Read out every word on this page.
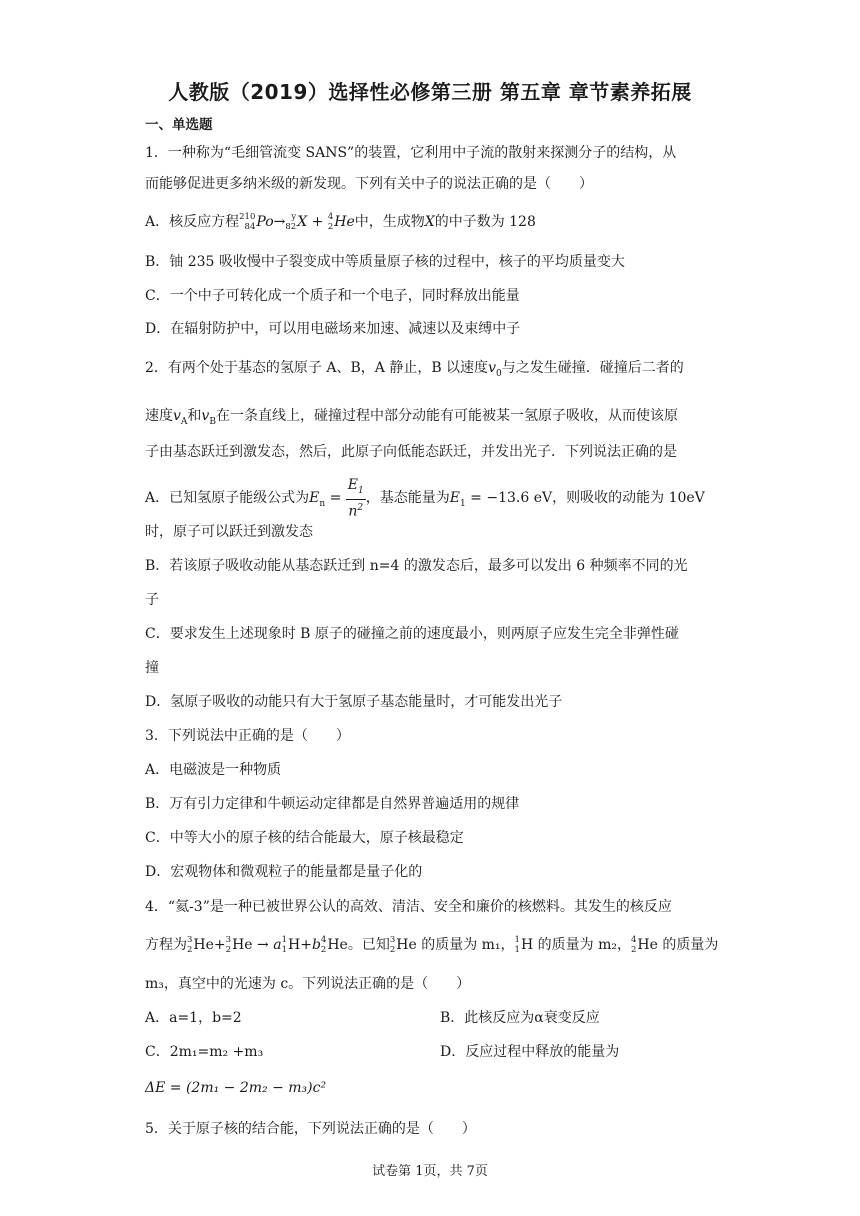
人教版（2019）选择性必修第三册 第五章 章节素养拓展
一、单选题
1．一种称为“毛细管流变 SANS”的装置，它利用中子流的散射来探测分子的结构，从
而能够促进更多纳米级的新发现。下列有关中子的说法正确的是（　　）
A．核反应方程 210
84 Po→ y
82 X + 4
2 He中，生成物X的中子数为 128
B．铀 235 吸收慢中子裂变成中等质量原子核的过程中，核子的平均质量变大
C．一个中子可转化成一个质子和一个电子，同时释放出能量
D．在辐射防护中，可以用电磁场来加速、减速以及束缚中子
2．有两个处于基态的氢原子 A、B，A 静止，B 以速度$v_0$与之发生碰撞．碰撞后二者的
速度$v_A$和$v_B$在一条直线上，碰撞过程中部分动能有可能被某一氢原子吸收，从而使该原
子由基态跃迁到激发态，然后，此原子向低能态跃迁，并发出光子．下列说法正确的是
A．已知氢原子能级公式为$E_n = \frac{E_1}{n^2}$ ，基态能量为$E_1 = -13.6$ eV，则吸收的动能为 10eV
时，原子可以跃迁到激发态
B．若该原子吸收动能从基态跃迁到 n=4 的激发态后，最多可以发出 6 种频率不同的光
子
C．要求发生上述现象时 B 原子的碰撞之前的速度最小，则两原子应发生完全非弹性碰
撞
D．氢原子吸收的动能只有大于氢原子基态能量时，才可能发出光子
3．下列说法中正确的是（　　）
A．电磁波是一种物质
B．万有引力定律和牛顿运动定律都是自然界普遍适用的规律
C．中等大小的原子核的结合能最大，原子核最稳定
D．宏观物体和微观粒子的能量都是量子化的
4．“氦-3”是一种已被世界公认的高效、清洁、安全和廉价的核燃料。其发生的核反应
方程为 3
2 He+ 3
2 He → a 1
1 H+b 4
2 He。已知 3
2 He 的质量为 m₁， 1
1 H 的质量为 m₂， 4
2 He 的质量为
m₃，真空中的光速为 c。下列说法正确的是（　　）
A．a=1，b=2	B．此核反应为α衰变反应
C．2m₁=m₂ +m₃	D．反应过程中释放的能量为
ΔE = (2m₁ − 2m₂ − m₃)c²
5．关于原子核的结合能，下列说法正确的是（　　）
试卷第 1页，共 7页
